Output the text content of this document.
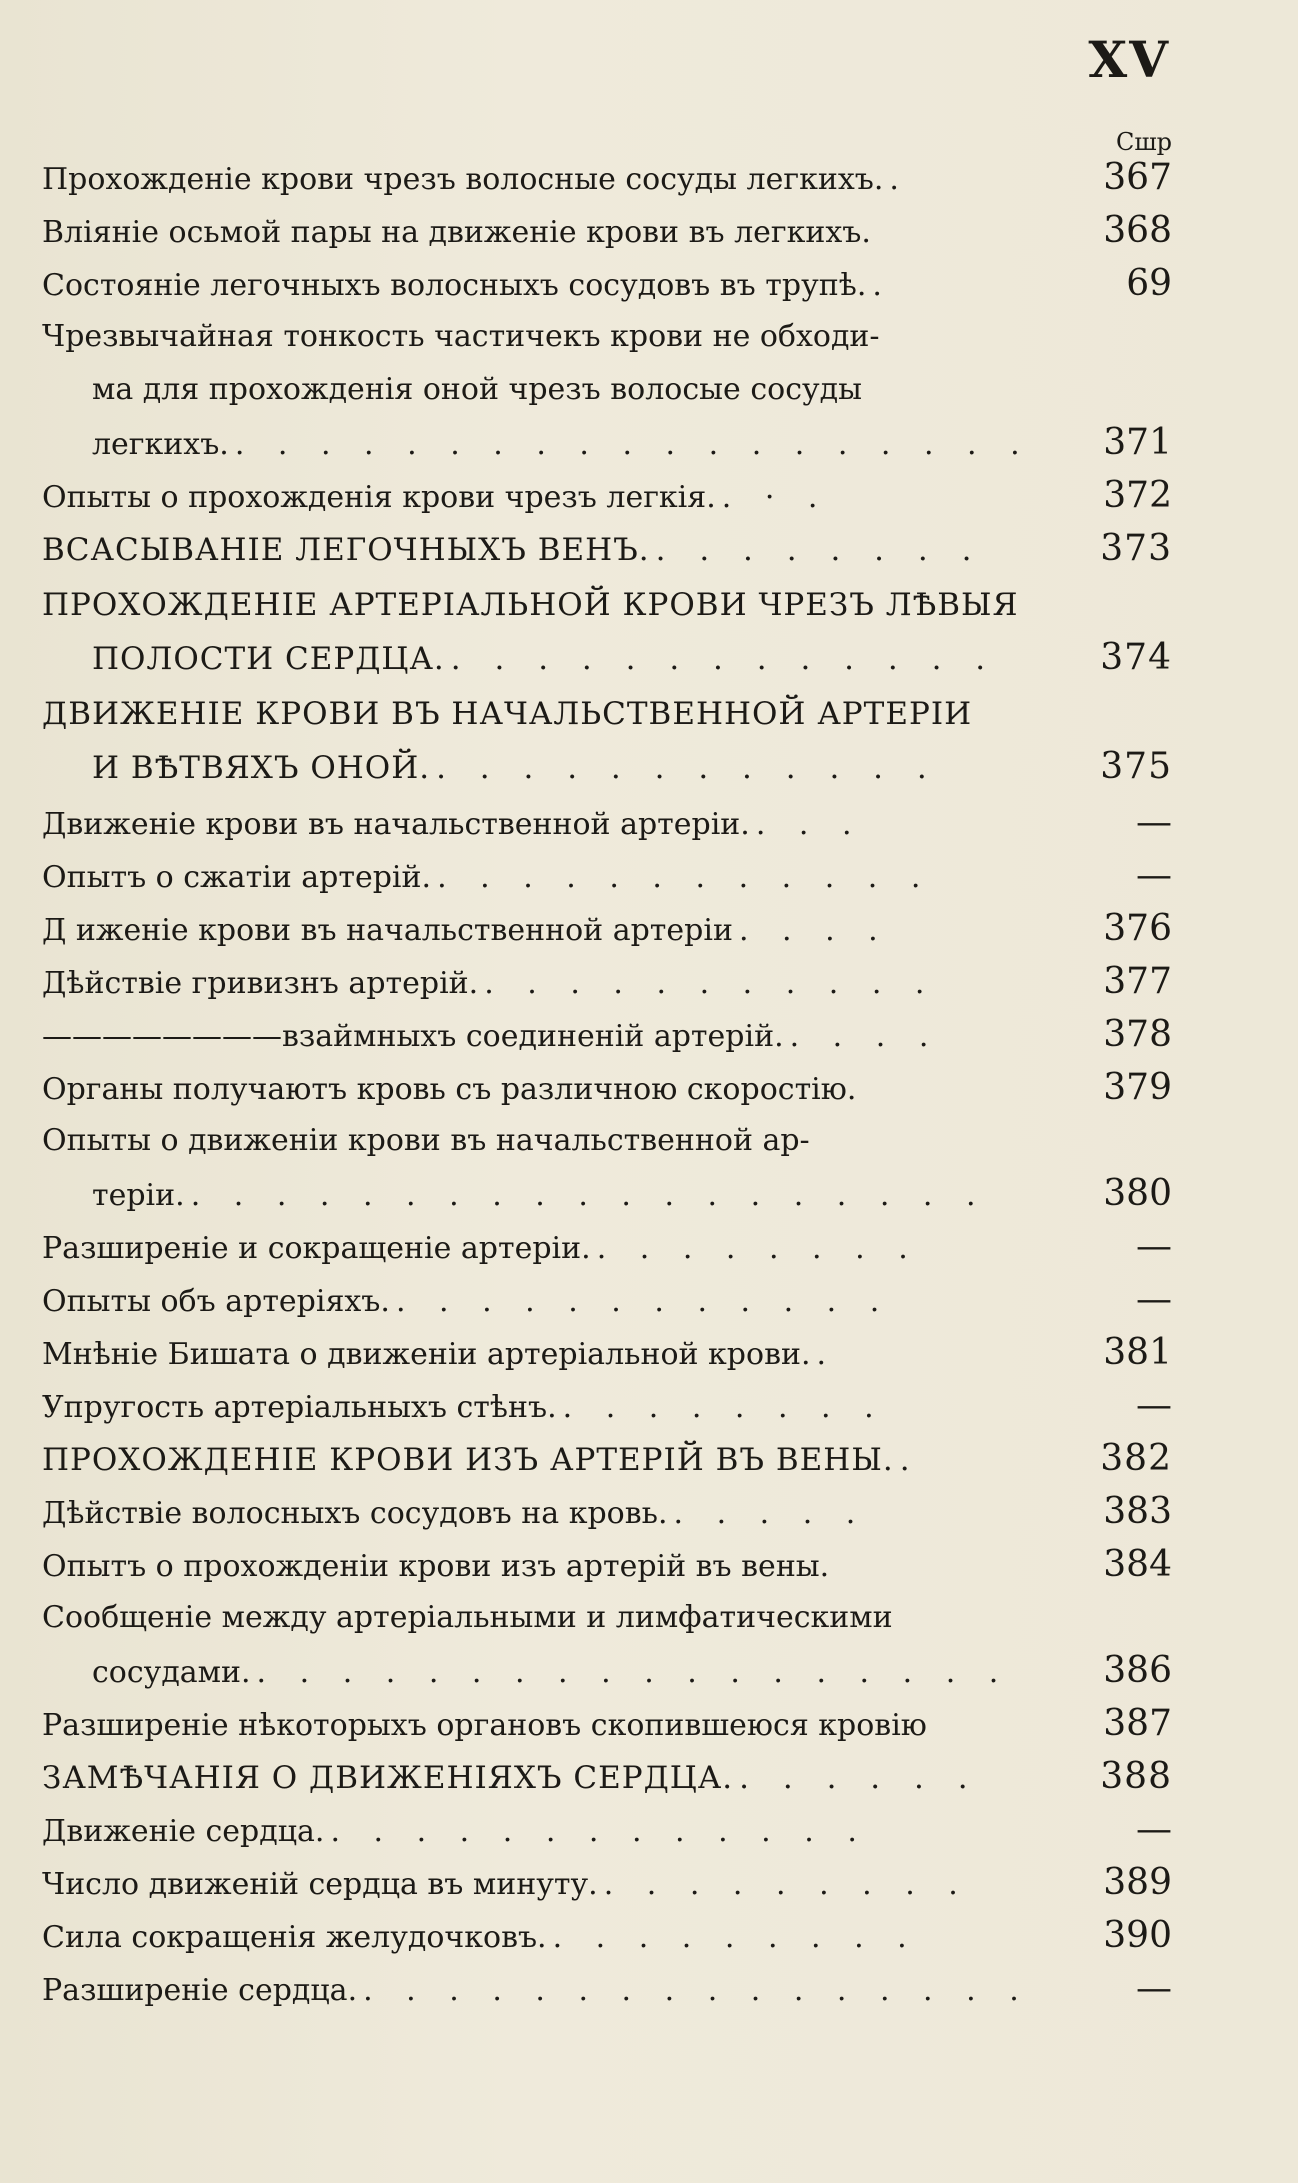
XV
Сшр
Прохожденіе крови чрезъ волосные сосуды легкихъ. .	367
Вліяніе осьмой пары на движеніе крови въ легкихъ.	368
Состояніе легочныхъ волосныхъ сосудовъ въ трупѣ. .	69
Чрезвычайная тонкость частичекъ крови не обходи-
ма для прохожденія оной чрезъ волосые сосуды
легкихъ. . . . . . . . . . . . . . . . . . . .	371
Опыты о прохожденія крови чрезъ легкія. . · .	372
ВСАСЫВАНІЕ ЛЕГОЧНЫХЪ ВЕНЪ. . . . . . . . .	373
ПРОХОЖДЕНІЕ АРТЕРІАЛЬНОЙ КРОВИ ЧРЕЗЪ ЛѢВЫЯ
ПОЛОСТИ СЕРДЦА. . . . . . . . . . . . . .	374
ДВИЖЕНІЕ КРОВИ ВЪ НАЧАЛЬСТВЕННОЙ АРТЕРІИ
И ВѢТВЯХЪ ОНОЙ. . . . . . . . . . . . .	375
Движеніе крови въ начальственной артеріи. . . .	—
Опытъ о сжатіи артерій. . . . . . . . . . . . .	—
Д иженіе крови въ начальственной артеріи . . . .	376
Дѣйствіе гривизнъ артерій. . . . . . . . . . . .	377
————————взаймныхъ соединеній артерій. . . . .	378
Органы получаютъ кровь съ различною скоростію.	379
Опыты о движеніи крови въ начальственной ар-
теріи. . . . . . . . . . . . . . . . . . . .	380
Разширеніе и сокращеніе артеріи. . . . . . . . .	—
Опыты объ артеріяхъ. . . . . . . . . . . . .	—
Мнѣніе Бишата о движеніи артеріальной крови. .	381
Упругость артеріальныхъ стѣнъ. . . . . . . . .	—
ПРОХОЖДЕНІЕ КРОВИ ИЗЪ АРТЕРІЙ ВЪ ВЕНЫ. .	382
Дѣйствіе волосныхъ сосудовъ на кровь. . . . . .	383
Опытъ о прохожденіи крови изъ артерій въ вены.	384
Сообщеніе между артеріальными и лимфатическими
сосудами. . . . . . . . . . . . . . . . . . .	386
Разширеніе нѣкоторыхъ органовъ скопившеюся кровію	387
ЗАМѢЧАНІЯ О ДВИЖЕНІЯХЪ СЕРДЦА. . . . . . .	388
Движеніе сердца. . . . . . . . . . . . . .	—
Число движеній сердца въ минуту. . . . . . . . . .	389
Сила сокращенія желудочковъ. . . . . . . . . .	390
Разширеніе сердца. . . . . . . . . . . . . . . . .	—
